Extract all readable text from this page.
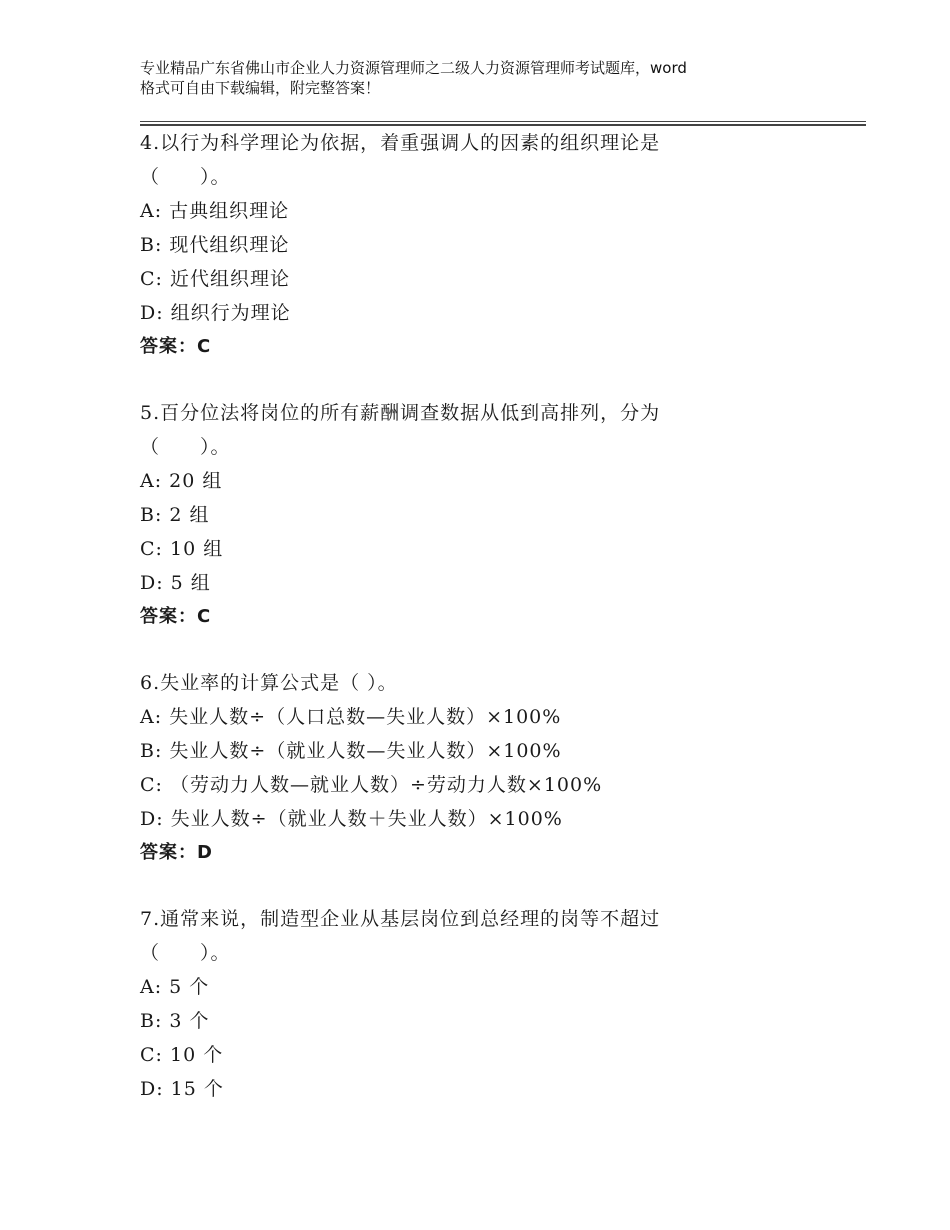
专业精品广东省佛山市企业人力资源管理师之二级人力资源管理师考试题库，word
格式可自由下载编辑，附完整答案！
4.以行为科学理论为依据，着重强调人的因素的组织理论是
（　　）。
A: 古典组织理论
B: 现代组织理论
C: 近代组织理论
D: 组织行为理论
答案：C
5.百分位法将岗位的所有薪酬调查数据从低到高排列，分为
（　　）。
A: 20 组
B: 2 组
C: 10 组
D: 5 组
答案：C
6.失业率的计算公式是（ ）。
A: 失业人数÷（人口总数—失业人数）×100%
B: 失业人数÷（就业人数—失业人数）×100%
C: （劳动力人数—就业人数）÷劳动力人数×100%
D: 失业人数÷（就业人数＋失业人数）×100%
答案：D
7.通常来说，制造型企业从基层岗位到总经理的岗等不超过
（　　）。
A: 5 个
B: 3 个
C: 10 个
D: 15 个
